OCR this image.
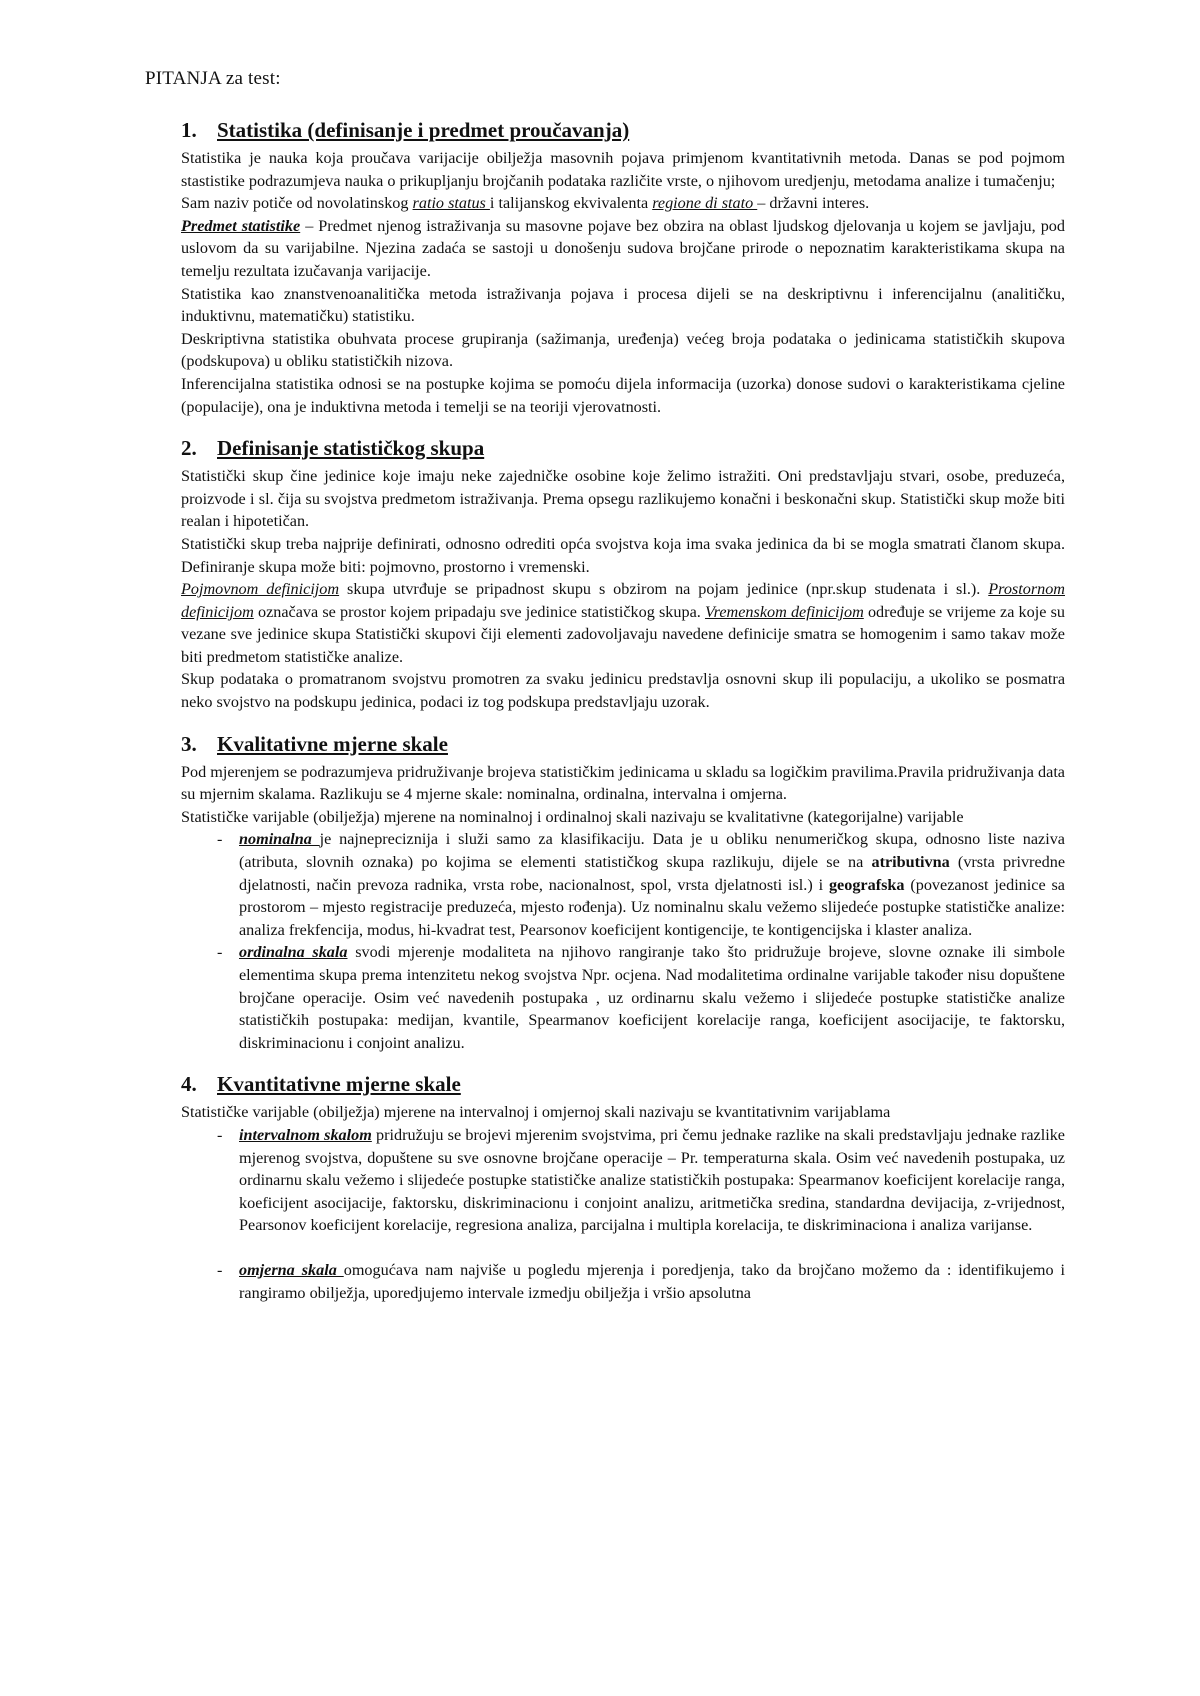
PITANJA za test:
1. Statistika (definisanje i predmet proučavanja)

Statistika je nauka koja proučava varijacije obilježja masovnih pojava primjenom kvantitativnih metoda. Danas se pod pojmom stastistike podrazumjeva nauka o prikupljanju brojčanih podataka različite vrste, o njihovom uredjenju, metodama analize i tumačenju;

Sam naziv potiče od novolatinskog ratio status i talijanskog ekvivalenta regione di stato – državni interes.

Predmet statistike – Predmet njenog istraživanja su masovne pojave bez obzira na oblast ljudskog djelovanja u kojem se javljaju, pod uslovom da su varijabilne. Njezina zadaća se sastoji u donošenju sudova brojčane prirode o nepoznatim karakteristikama skupa na temelju rezultata izučavanja varijacije.

Statistika kao znanstvenoanalitička metoda istraživanja pojava i procesa dijeli se na deskriptivnu i inferencijalnu (analitičku, induktivnu, matematičku) statistiku.

Deskriptivna statistika obuhvata procese grupiranja (sažimanja, uređenja) većeg broja podataka o jedinicama statističkih skupova (podskupova) u obliku statističkih nizova.

Inferencijalna statistika odnosi se na postupke kojima se pomoću dijela informacija (uzorka) donose sudovi o karakteristikama cjeline (populacije), ona je induktivna metoda i temelji se na teoriji vjerovatnosti.

2. Definisanje statističkog skupa

Statistički skup čine jedinice koje imaju neke zajedničke osobine koje želimo istražiti. Oni predstavljaju stvari, osobe, preduzeća, proizvode i sl. čija su svojstva predmetom istraživanja. Prema opsegu razlikujemo konačni i beskonačni skup. Statistički skup može biti realan i hipotetičan.

Statistički skup treba najprije definirati, odnosno odrediti opća svojstva koja ima svaka jedinica da bi se mogla smatrati članom skupa. Definiranje skupa može biti: pojmovno, prostorno i vremenski.

Pojmovnom definicijom skupa utvrđuje se pripadnost skupu s obzirom na pojam jedinice (npr.skup studenata i sl.). Prostornom definicijom označava se prostor kojem pripadaju sve jedinice statističkog skupa. Vremenskom definicijom određuje se vrijeme za koje su vezane sve jedinice skupa Statistički skupovi čiji elementi zadovoljavaju navedene definicije smatra se homogenim i samo takav može biti predmetom statističke analize.

Skup podataka o promatranom svojstvu promotren za svaku jedinicu predstavlja osnovni skup ili populaciju, a ukoliko se posmatra neko svojstvo na podskupu jedinica, podaci iz tog podskupa predstavljaju uzorak.

3. Kvalitativne mjerne skale

Pod mjerenjem se podrazumjeva pridruživanje brojeva statističkim jedinicama u skladu sa logičkim pravilima.Pravila pridruživanja data su mjernim skalama. Razlikuju se 4 mjerne skale: nominalna, ordinalna, intervalna i omjerna.

Statističke varijable (obilježja) mjerene na nominalnoj i ordinalnoj skali nazivaju se kvalitativne (kategorijalne) varijable

- nominalna je najnepreciznija i služi samo za klasifikaciju. Data je u obliku nenumeričkog skupa, odnosno liste naziva (atributa, slovnih oznaka) po kojima se elementi statističkog skupa razlikuju, dijele se na atributivna (vrsta privredne djelatnosti, način prevoza radnika, vrsta robe, nacionalnost, spol, vrsta djelatnosti isl.) i geografska (povezanost jedinice sa prostorom – mjesto registracije preduzeća, mjesto rođenja). Uz nominalnu skalu vežemo slijedeće postupke statističke analize: analiza frekfencija, modus, hi-kvadrat test, Pearsonov koeficijent kontigencije, te kontigencijska i klaster analiza.
- ordinalna skala svodi mjerenje modaliteta na njihovo rangiranje tako što pridružuje brojeve, slovne oznake ili simbole elementima skupa prema intenzitetu nekog svojstva Npr. ocjena. Nad modalitetima ordinalne varijable također nisu dopuštene brojčane operacije. Osim već navedenih postupaka , uz ordinarnu skalu vežemo i slijedeće postupke statističke analize statističkih postupaka: medijan, kvantile, Spearmanov koeficijent korelacije ranga, koeficijent asocijacije, te faktorsku, diskriminacionu i conjoint analizu.
4. Kvantitativne mjerne skale

Statističke varijable (obilježja) mjerene na intervalnoj i omjernoj skali nazivaju se kvantitativnim varijablama

- intervalnom skalom pridružuju se brojevi mjerenim svojstvima, pri čemu jednake razlike na skali predstavljaju jednake razlike mjerenog svojstva, dopuštene su sve osnovne brojčane operacije – Pr. temperaturna skala. Osim već navedenih postupaka, uz ordinarnu skalu vežemo i slijedeće postupke statističke analize statističkih postupaka: Spearmanov koeficijent korelacije ranga, koeficijent asocijacije, faktorsku, diskriminacionu i conjoint analizu, aritmetička sredina, standardna devijacija, z-vrijednost, Pearsonov koeficijent korelacije, regresiona analiza, parcijalna i multipla korelacija, te diskriminaciona i analiza varijanse.
- omjerna skala omogućava nam najviše u pogledu mjerenja i poredjenja, tako da brojčano možemo da : identifikujemo i rangiramo obilježja, uporedjujemo intervale izmedju obilježja i vršio apsolutna
